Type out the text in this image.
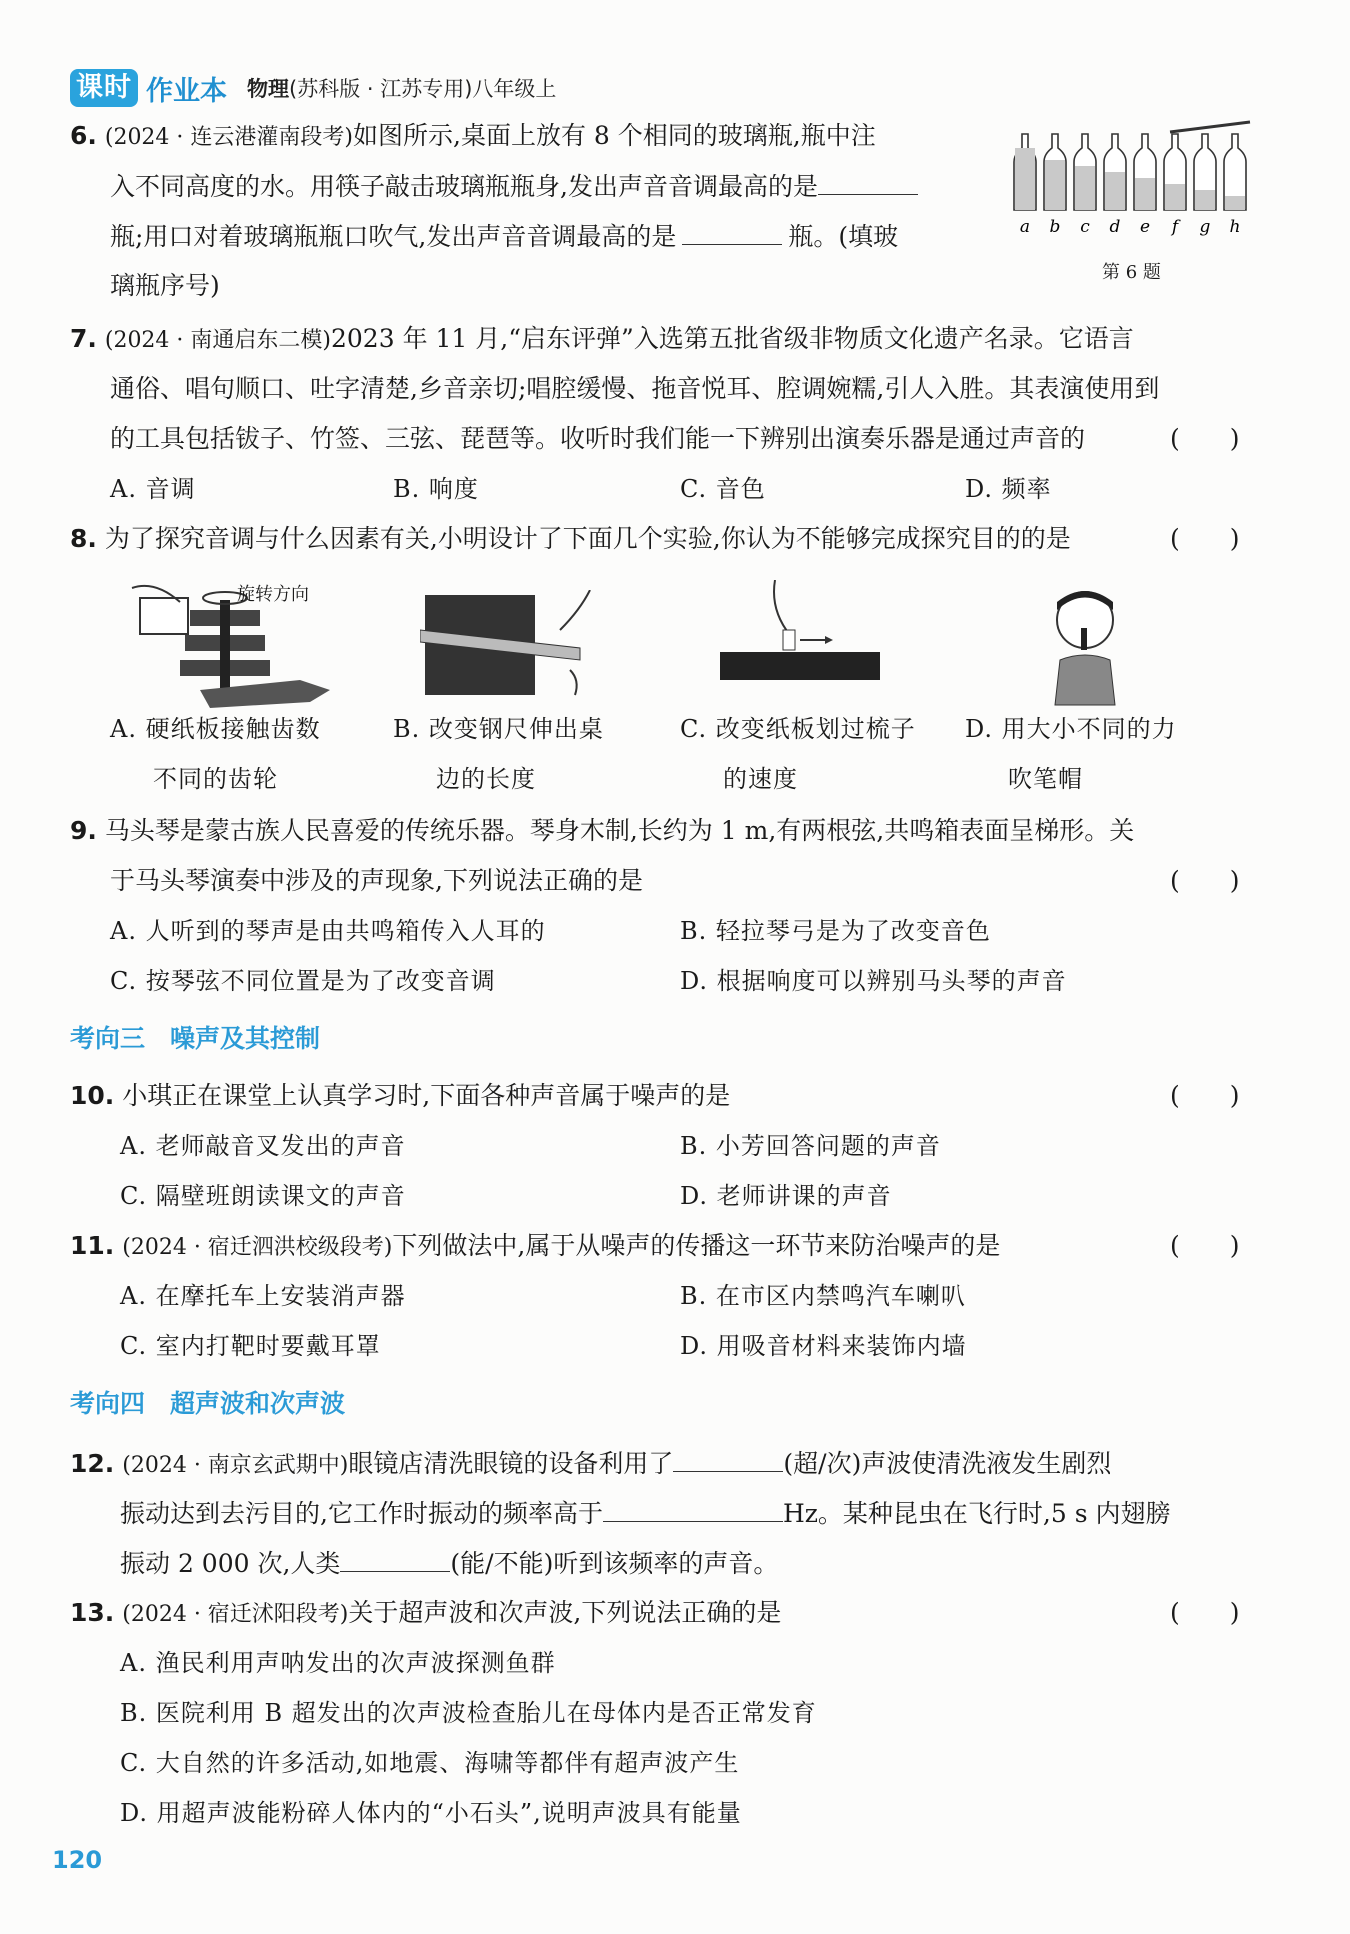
课时 作业本 物理(苏科版 · 江苏专用)八年级上
6. (2024 · 连云港灌南段考)如图所示,桌面上放有 8 个相同的玻璃瓶,瓶中注
入不同高度的水。用筷子敲击玻璃瓶瓶身,发出声音音调最高的是
瓶;用口对着玻璃瓶瓶口吹气,发出声音音调最高的是	瓶。(填玻
璃瓶序号)
a b c d e f g h
第 6 题
7. (2024 · 南通启东二模)2023 年 11 月,“启东评弹”入选第五批省级非物质文化遗产名录。它语言
通俗、唱句顺口、吐字清楚,乡音亲切;唱腔缓慢、拖音悦耳、腔调婉糯,引人入胜。其表演使用到
的工具包括钹子、竹签、三弦、琵琶等。收听时我们能一下辨别出演奏乐器是通过声音的	(　　)
A. 音调	B. 响度	C. 音色	D. 频率
8. 为了探究音调与什么因素有关,小明设计了下面几个实验,你认为不能够完成探究目的的是	(　　)
旋转方向
A. 硬纸板接触齿数
不同的齿轮
B. 改变钢尺伸出桌
边的长度
C. 改变纸板划过梳子
的速度
D. 用大小不同的力
吹笔帽
9. 马头琴是蒙古族人民喜爱的传统乐器。琴身木制,长约为 1 m,有两根弦,共鸣箱表面呈梯形。关
于马头琴演奏中涉及的声现象,下列说法正确的是	(　　)
A. 人听到的琴声是由共鸣箱传入人耳的	B. 轻拉琴弓是为了改变音色
C. 按琴弦不同位置是为了改变音调	D. 根据响度可以辨别马头琴的声音
考向三　噪声及其控制
10. 小琪正在课堂上认真学习时,下面各种声音属于噪声的是	(　　)
A. 老师敲音叉发出的声音	B. 小芳回答问题的声音
C. 隔壁班朗读课文的声音	D. 老师讲课的声音
11. (2024 · 宿迁泗洪校级段考)下列做法中,属于从噪声的传播这一环节来防治噪声的是	(　　)
A. 在摩托车上安装消声器	B. 在市区内禁鸣汽车喇叭
C. 室内打靶时要戴耳罩	D. 用吸音材料来装饰内墙
考向四　超声波和次声波
12. (2024 · 南京玄武期中)眼镜店清洗眼镜的设备利用了	(超/次)声波使清洗液发生剧烈
振动达到去污目的,它工作时振动的频率高于	Hz。某种昆虫在飞行时,5 s 内翅膀
振动 2 000 次,人类	(能/不能)听到该频率的声音。
13. (2024 · 宿迁沭阳段考)关于超声波和次声波,下列说法正确的是	(　　)
A. 渔民利用声呐发出的次声波探测鱼群
B. 医院利用 B 超发出的次声波检查胎儿在母体内是否正常发育
C. 大自然的许多活动,如地震、海啸等都伴有超声波产生
D. 用超声波能粉碎人体内的“小石头”,说明声波具有能量
120
